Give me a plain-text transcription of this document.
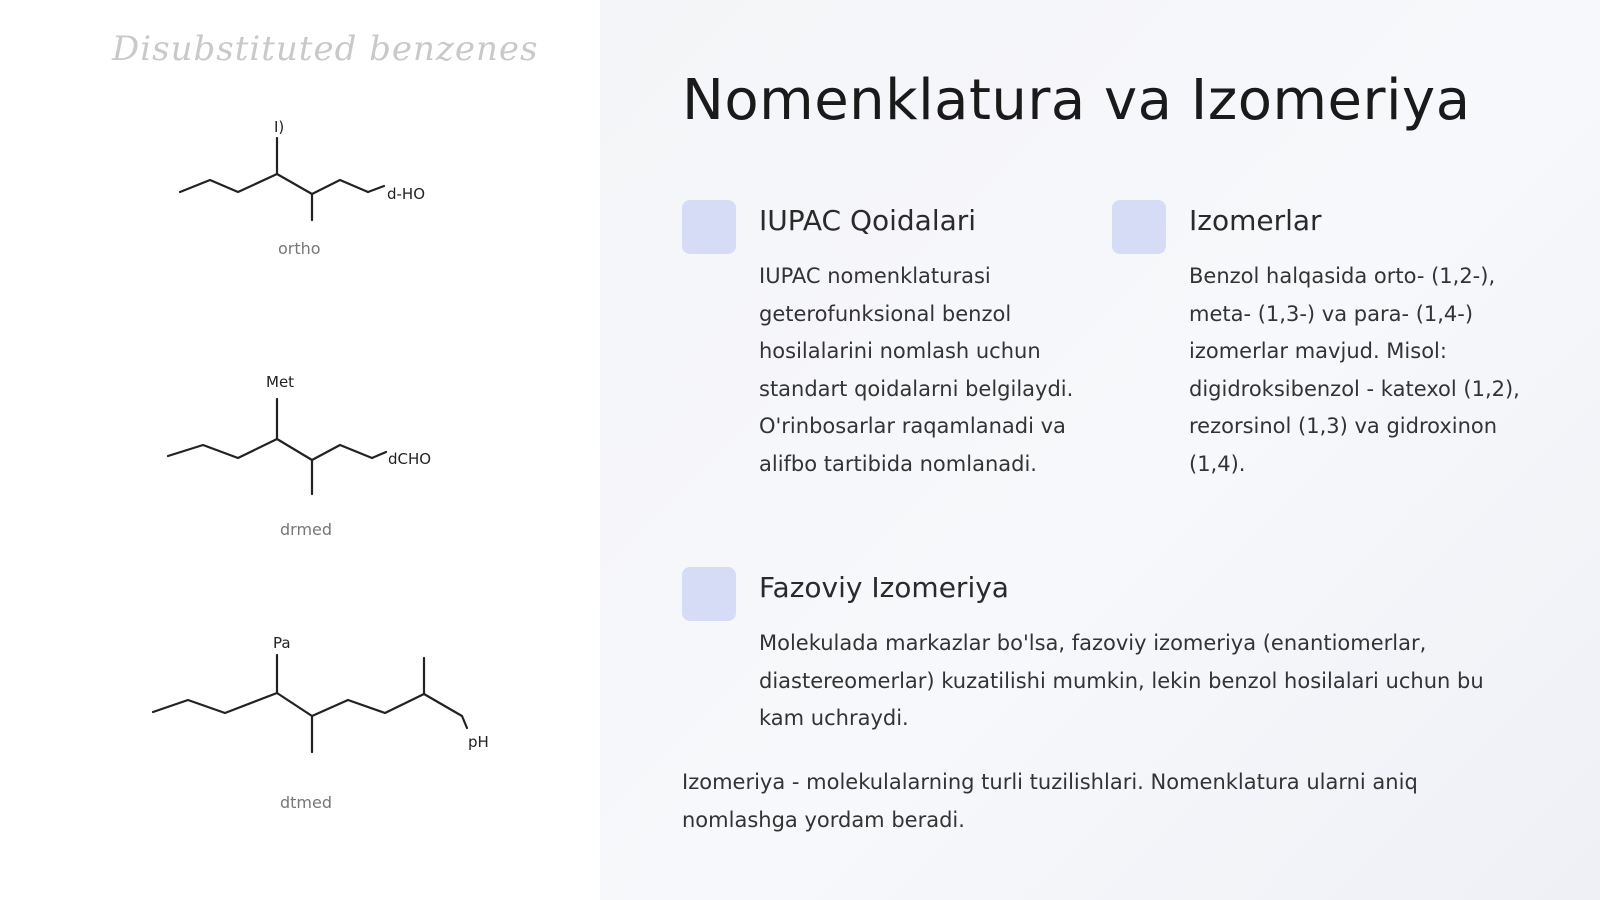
Disubstituted benzenes
I)
d-HO
ortho
Met
dCHO
drmed
Pa
pH
dtmed
Nomenklatura va Izomeriya
IUPAC Qoidalari
IUPAC nomenklaturasi geterofunksional benzol hosilalarini nomlash uchun standart qoidalarni belgilaydi. O'rinbosarlar raqamlanadi va alifbo tartibida nomlanadi.
Izomerlar
Benzol halqasida orto- (1,2-), meta- (1,3-) va para- (1,4-) izomerlar mavjud. Misol: digidroksibenzol - katexol (1,2), rezorsinol (1,3) va gidroxinon (1,4).
Fazoviy Izomeriya
Molekulada markazlar bo'lsa, fazoviy izomeriya (enantiomerlar, diastereomerlar) kuzatilishi mumkin, lekin benzol hosilalari uchun bu kam uchraydi.

Izomeriya - molekulalarning turli tuzilishlari. Nomenklatura ularni aniq nomlashga yordam beradi.
